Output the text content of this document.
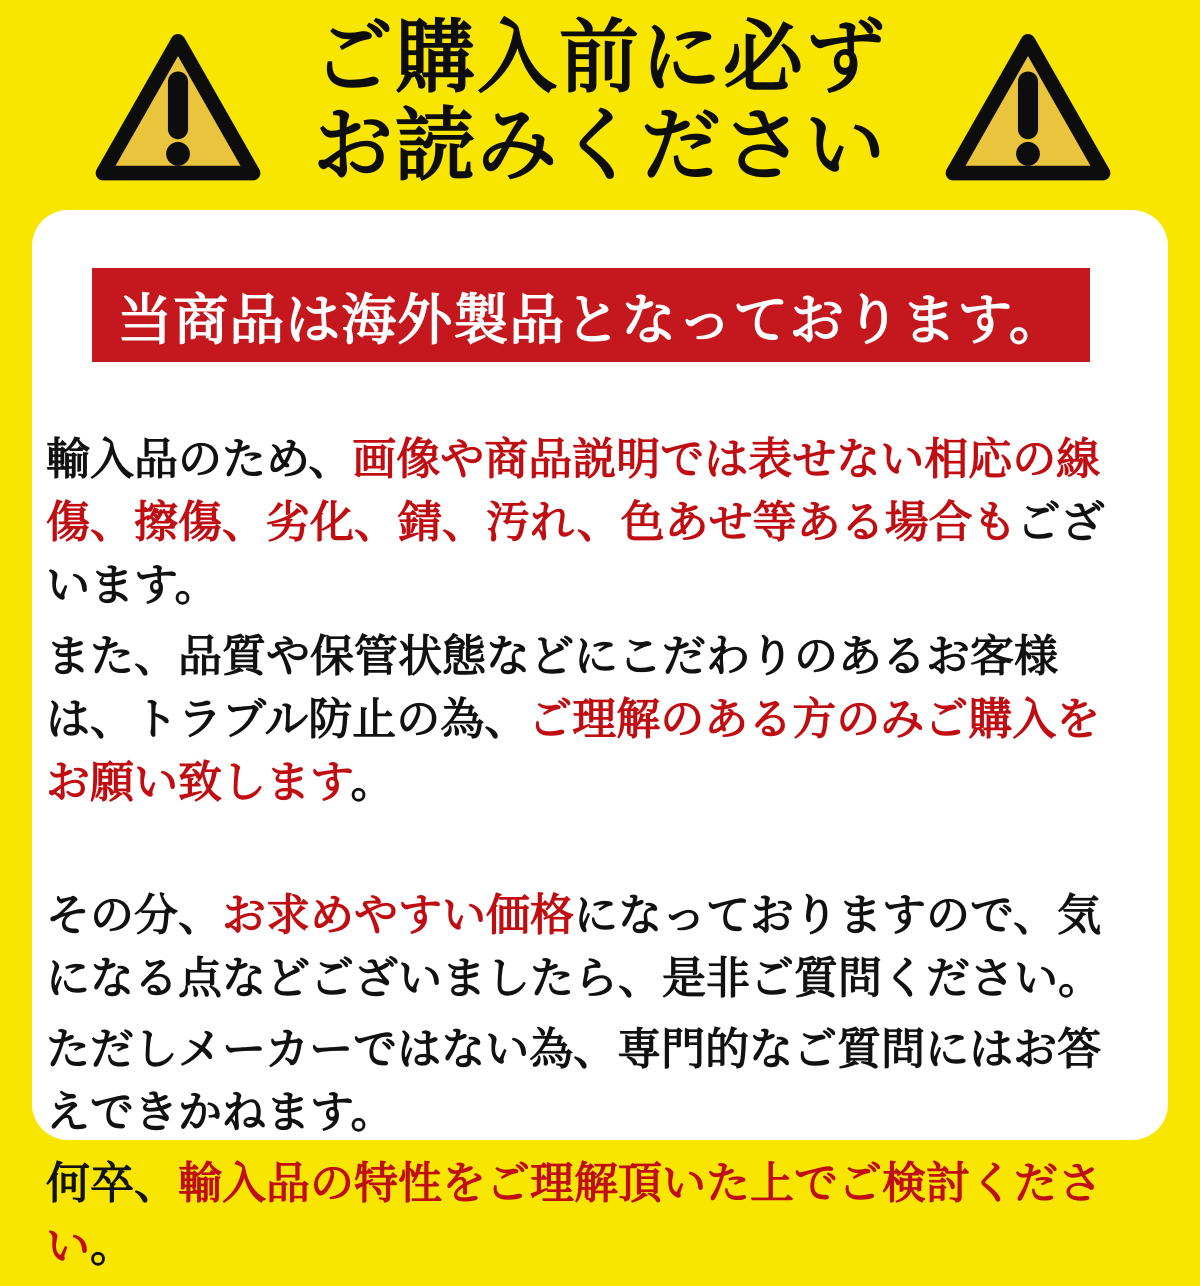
ご購入前に必ず
お読みください
当商品は海外製品となっております。

輸入品のため、画像や商品説明では表せない相応の線傷、擦傷、劣化、錆、汚れ、色あせ等ある場合もございます。

また、品質や保管状態などにこだわりのあるお客様は、トラブル防止の為、ご理解のある方のみご購入をお願い致します。

その分、お求めやすい価格になっておりますので、気になる点などございましたら、是非ご質問ください。

ただしメーカーではない為、専門的なご質問にはお答えできかねます。

何卒、輸入品の特性をご理解頂いた上でご検討ください。
